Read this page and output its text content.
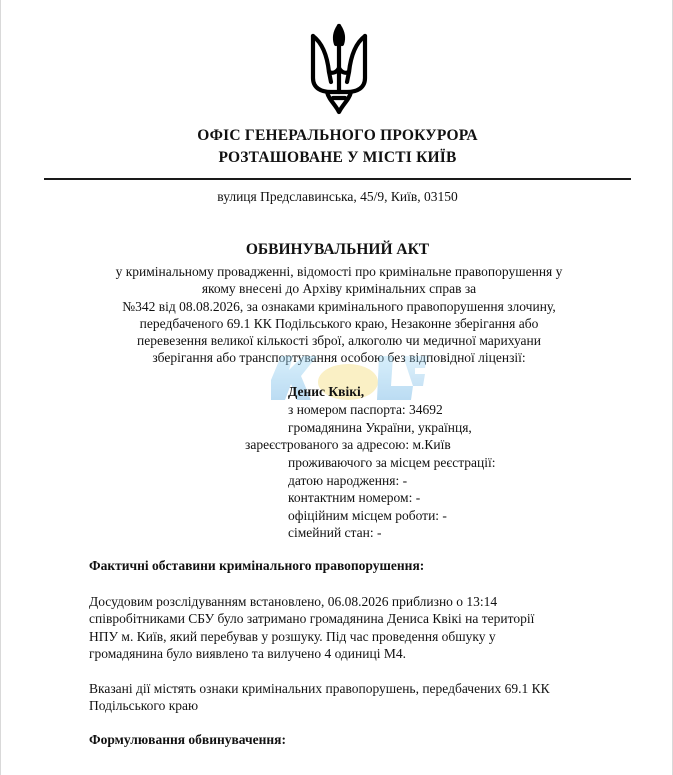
ОФІС ГЕНЕРАЛЬНОГО ПРОКУРОРА
РОЗТАШОВАНЕ У МІСТІ КИЇВ
вулиця Предславинська, 45/9, Київ, 03150
ОБВИНУВАЛЬНИЙ АКТ
у кримінальному провадженні, відомості про кримінальне правопорушення у
якому внесені до Архіву кримінальних справ за
№342 від 08.08.2026, за ознаками кримінального правопорушення злочину,
передбаченого 69.1 КК Подільського краю, Незаконне зберігання або
перевезення великої кількості зброї, алкоголю чи медичної марихуани
зберігання або транспортування особою без відповідної ліцензії:
Денис Квікі,
з номером паспорта: 34692
громадянина України, українця,
зареєстрованого за адресою: м.Київ
проживаючого за місцем реєстрації:
датою народження: -
контактним номером: -
офіційним місцем роботи: -
сімейний стан: -
Фактичні обставини кримінального правопорушення:
Досудовим розслідуванням встановлено, 06.08.2026 приблизно о 13:14
співробітниками СБУ було затримано громадянина Дениса Квікі на території
НПУ м. Київ, який перебував у розшуку. Під час проведення обшуку у
громадянина було виявлено та вилучено 4 одиниці М4.
Вказані дії містять ознаки кримінальних правопорушень, передбачених 69.1 КК
Подільського краю
Формулювання обвинувачення:
